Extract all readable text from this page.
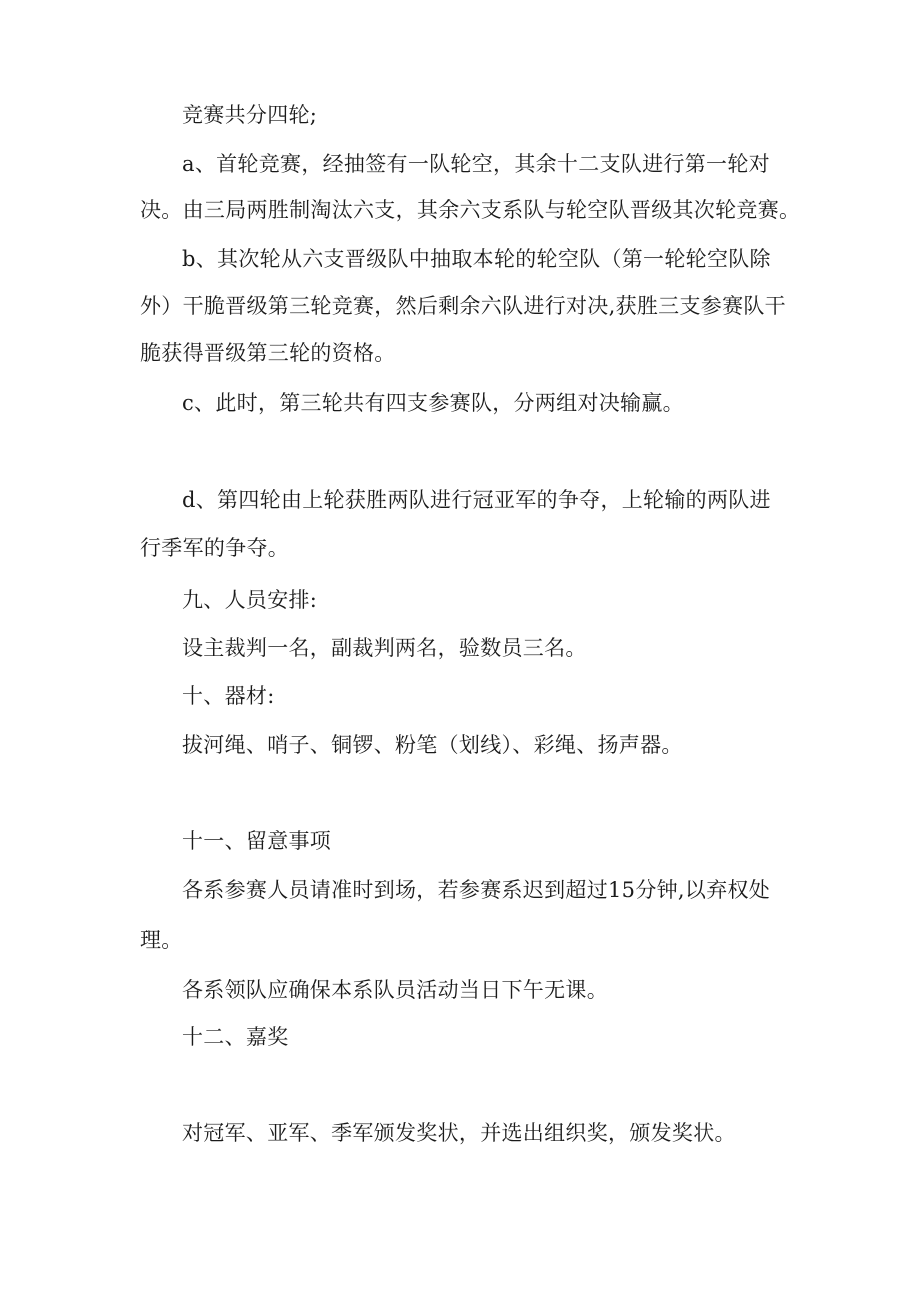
竞赛共分四轮;
a、首轮竞赛，经抽签有一队轮空，其余十二支队进行第一轮对
决。由三局两胜制淘汰六支，其余六支系队与轮空队晋级其次轮竞赛。
b、其次轮从六支晋级队中抽取本轮的轮空队（第一轮轮空队除
外）干脆晋级第三轮竞赛，然后剩余六队进行对决,获胜三支参赛队干
脆获得晋级第三轮的资格。
c、此时，第三轮共有四支参赛队，分两组对决输赢。
d、第四轮由上轮获胜两队进行冠亚军的争夺，上轮输的两队进
行季军的争夺。
九、人员安排:
设主裁判一名，副裁判两名，验数员三名。
十、器材:
拔河绳、哨子、铜锣、粉笔（划线）、彩绳、扬声器。
十一、留意事项
各系参赛人员请准时到场，若参赛系迟到超过15分钟,以弃权处
理。
各系领队应确保本系队员活动当日下午无课。
十二、嘉奖
对冠军、亚军、季军颁发奖状，并选出组织奖，颁发奖状。
